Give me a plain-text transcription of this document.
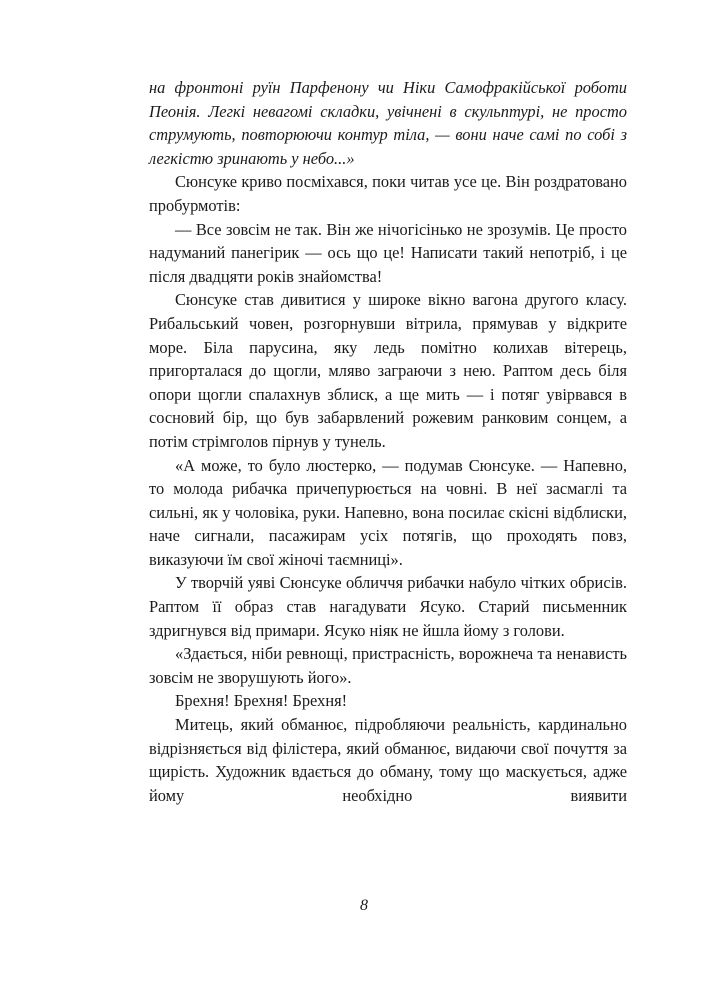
на фронтоні руїн Парфенону чи Ніки Самофракійської роботи Пеонія. Легкі невагомі складки, увічнені в скульптурі, не просто струмують, повторюючи контур тіла, — вони наче самі по собі з легкістю зринають у небо...»

Сюнсуке криво посміхався, поки читав усе це. Він роздратовано пробурмотів:

— Все зовсім не так. Він же нічогісінько не зрозумів. Це просто надуманий панегірик — ось що це! Написати такий непотріб, і це після двадцяти років знайомства!

Сюнсуке став дивитися у широке вікно вагона другого класу. Рибальський човен, розгорнувши вітрила, прямував у відкрите море. Біла парусина, яку ледь помітно колихав вітерець, пригорталася до щогли, мляво заграючи з нею. Раптом десь біля опори щогли спалахнув зблиск, а ще мить — і потяг увірвався в сосновий бір, що був забарвлений рожевим ранковим сонцем, а потім стрімголов пірнув у тунель.

«А може, то було люстерко, — подумав Сюнсуке. — Напевно, то молода рибачка причепурюється на човні. В неї засмаглі та сильні, як у чоловіка, руки. Напевно, вона посилає скісні відблиски, наче сигнали, пасажирам усіх потягів, що проходять повз, виказуючи їм свої жіночі таємниці».

У творчій уяві Сюнсуке обличчя рибачки набуло чітких обрисів. Раптом її образ став нагадувати Ясуко. Старий письменник здригнувся від примари. Ясуко ніяк не йшла йому з голови.

«Здається, ніби ревнощі, пристрасність, ворожнеча та ненависть зовсім не зворушують його».

Брехня! Брехня! Брехня!

Митець, який обманює, підробляючи реальність, кардинально відрізняється від філістера, який обманює, видаючи свої почуття за щирість. Художник вдається до обману, тому що маскується, адже йому необхідно виявити

8
